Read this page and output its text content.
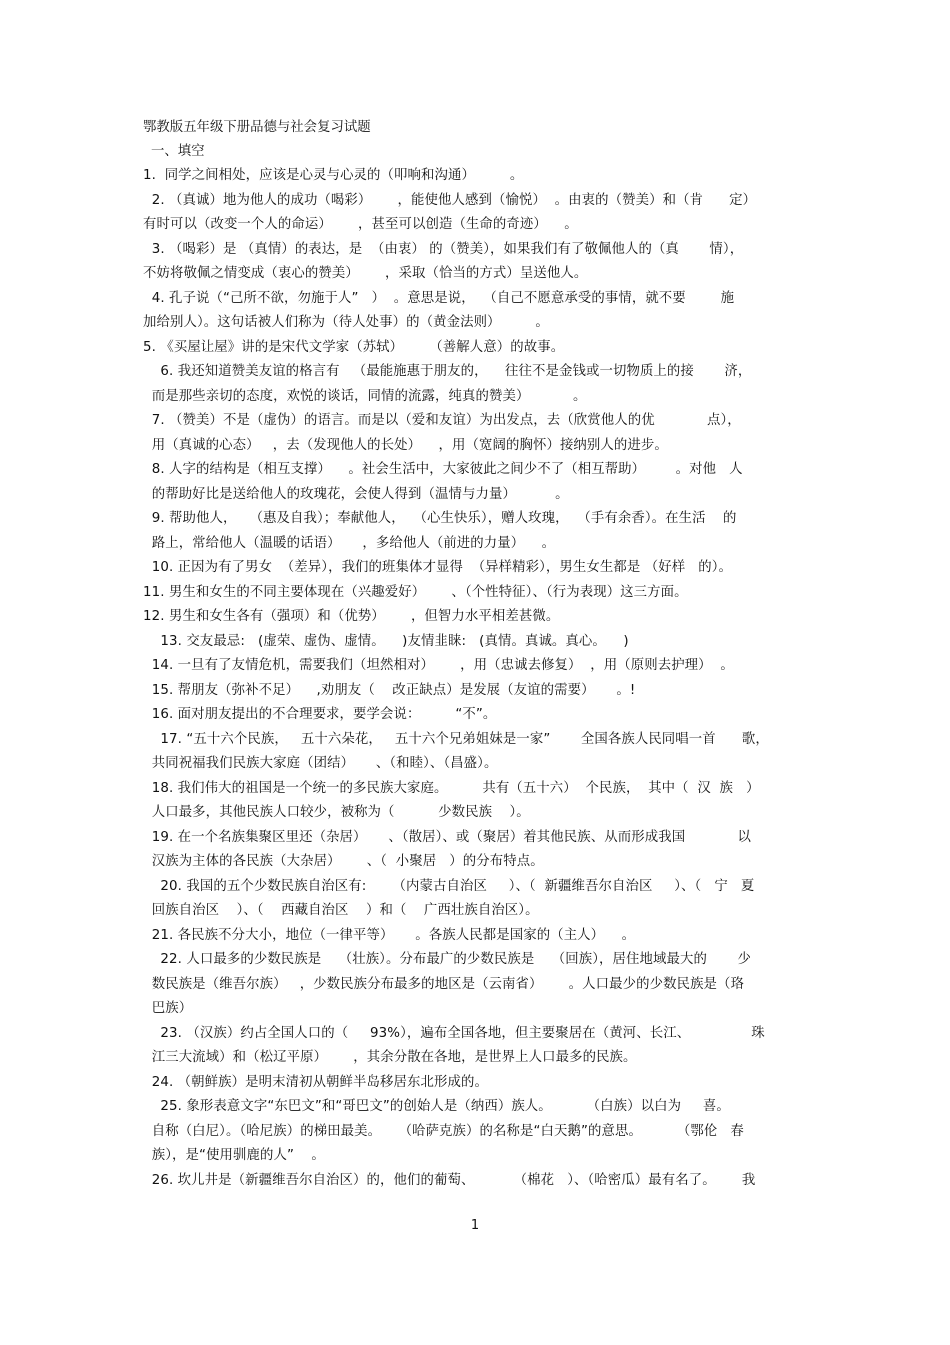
鄂教版五年级下册品德与社会复习试题
一、填空
1.  同学之间相处，应该是心灵与心灵的（叩响和沟通）        。
2. （真诚）地为他人的成功（喝彩）      ，能使他人感到（愉悦）  。由衷的（赞美）和（肯      定）
有时可以（改变一个人的命运）      ，甚至可以创造（生命的奇迹）    。
3. （喝彩）是 （真情）的表达，是  （由衷） 的（赞美），如果我们有了敬佩他人的（真       情），
不妨将敬佩之情变成（衷心的赞美）      ，采取（恰当的方式）呈送他人。
4. 孔子说（“己所不欲，勿施于人”   ）  。意思是说，  （自己不愿意承受的事情，就不要        施
加给别人）。这句话被人们称为（待人处事）的（黄金法则）        。
5. 《买屋让屋》讲的是宋代文学家（苏轼）      （善解人意）的故事。
6. 我还知道赞美友谊的格言有   （最能施惠于朋友的，    往往不是金钱或一切物质上的接       济，
而是那些亲切的态度，欢悦的谈话，同情的流露，纯真的赞美）          。
7. （赞美）不是（虚伪）的语言。而是以（爱和友谊）为出发点，去（欣赏他人的优            点），
用（真诚的心态）   ，去（发现他人的长处）    ，用（宽阔的胸怀）接纳别人的进步。
8. 人字的结构是（相互支撑）    。社会生活中，大家彼此之间少不了（相互帮助）       。对他   人
的帮助好比是送给他人的玫瑰花，会使人得到（温情与力量）         。
9. 帮助他人，   （惠及自我）；奉献他人，  （心生快乐），赠人玫瑰，  （手有余香）。在生活    的
路上，常给他人（温暖的话语）     ，多给他人（前进的力量）    。
10. 正因为有了男女  （差异），我们的班集体才显得  （异样精彩），男生女生都是 （好样   的）。
11. 男生和女生的不同主要体现在（兴趣爱好）      、（个性特征）、（行为表现）这三方面。
12. 男生和女生各有（强项）和（优势）      ，但智力水平相差甚微。
13. 交友最忌:   (虚荣、虚伪、虚情。    )友情韭睐:   (真情。真诚。真心。    )
14. 一旦有了友情危机，需要我们（坦然相对）      ，用（忠诚去修复）  ，用（原则去护理）  。
15. 帮朋友（弥补不足）    ,劝朋友（    改正缺点）是发展（友谊的需要）     。!
16. 面对朋友提出的不合理要求，要学会说：        “不”。
17. “五十六个民族，   五十六朵花，   五十六个兄弟姐妹是一家”       全国各族人民同唱一首      歌，
共同祝福我们民族大家庭（团结）     、（和睦）、（昌盛）。
18. 我们伟大的祖国是一个统一的多民族大家庭。        共有（五十六）  个民族，  其中（  汉  族   ）
人口最多，其他民族人口较少，被称为（          少数民族    ）。
19. 在一个名族集聚区里还（杂居）     、（散居）、或（聚居）着其他民族、从而形成我国            以
汉族为主体的各民族（大杂居）      、（  小聚居   ）的分布特点。
20. 我国的五个少数民族自治区有:      （内蒙古自治区     ）、（  新疆维吾尔自治区     ）、（   宁   夏
回族自治区    ）、（    西藏自治区    ）和（    广西壮族自治区）。
21. 各民族不分大小，地位（一律平等）     。各族人民都是国家的（主人）    。
22. 人口最多的少数民族是    （壮族）。分布最广的少数民族是    （回族），居住地域最大的       少
数民族是（维吾尔族）   ，少数民族分布最多的地区是（云南省）      。人口最少的少数民族是（珞
巴族）
23. （汉族）约占全国人口的（     93%），遍布全国各地，但主要聚居在（黄河、长江、              珠
江三大流域）和（松辽平原）      ，其余分散在各地，是世界上人口最多的民族。
24. （朝鲜族）是明末清初从朝鲜半岛移居东北形成的。
25. 象形表意文字“东巴文”和“哥巴文”的创始人是（纳西）族人。        （白族）以白为     喜。
自称（白尼）。（哈尼族）的梯田最美。    （哈萨克族）的名称是“白天鹅”的意思。        （鄂伦   春
族），是“使用驯鹿的人”    。
26. 坎儿井是（新疆维吾尔自治区）的，他们的葡萄、         （棉花   ）、（哈密瓜）最有名了。      我
1
